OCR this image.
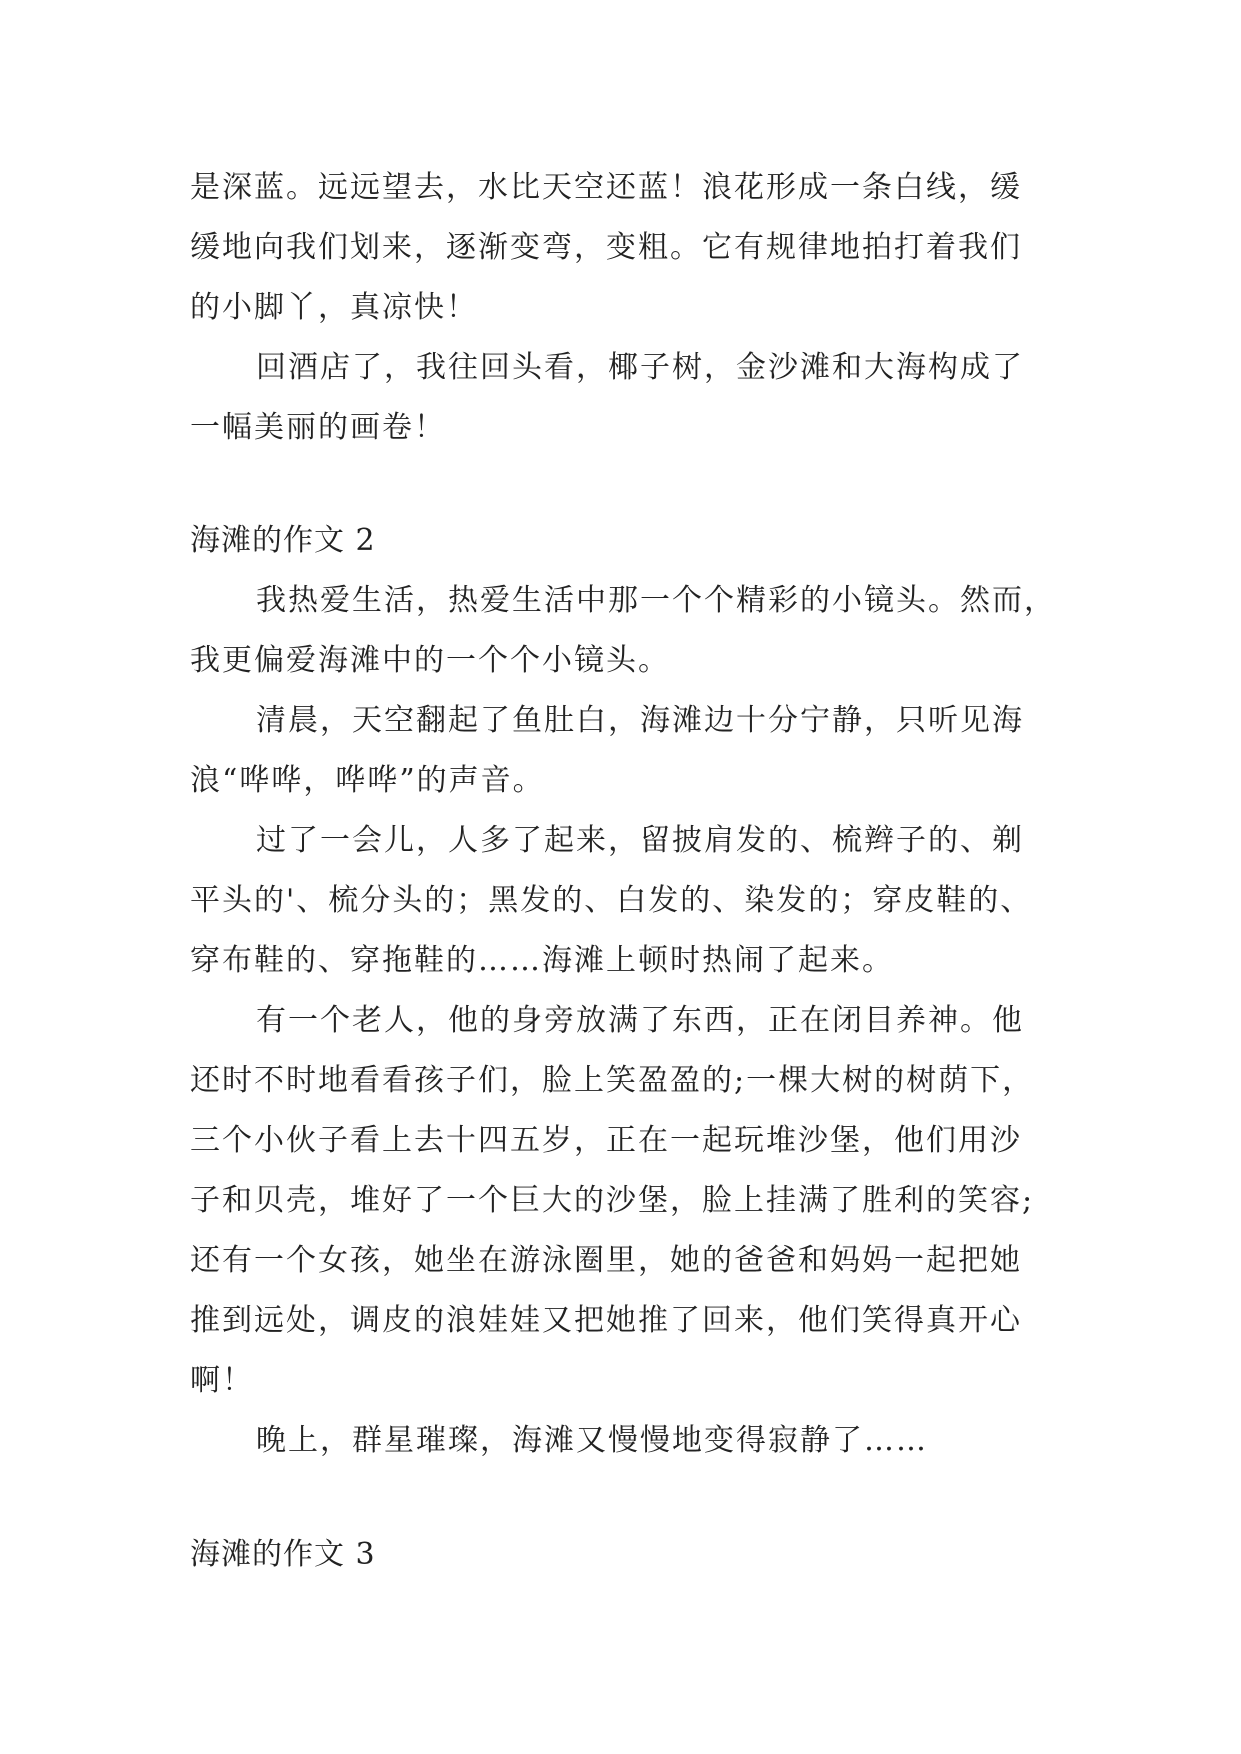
是深蓝。远远望去，水比天空还蓝！浪花形成一条白线，缓
缓地向我们划来，逐渐变弯，变粗。它有规律地拍打着我们
的小脚丫，真凉快！
回酒店了，我往回头看，椰子树，金沙滩和大海构成了
一幅美丽的画卷！
海滩的作文 2
我热爱生活，热爱生活中那一个个精彩的小镜头。然而，
我更偏爱海滩中的一个个小镜头。
清晨，天空翻起了鱼肚白，海滩边十分宁静，只听见海
浪“哗哗，哗哗”的声音。
过了一会儿，人多了起来，留披肩发的、梳辫子的、剃
平头的'、梳分头的；黑发的、白发的、染发的；穿皮鞋的、
穿布鞋的、穿拖鞋的……海滩上顿时热闹了起来。
有一个老人，他的身旁放满了东西，正在闭目养神。他
还时不时地看看孩子们，脸上笑盈盈的;一棵大树的树荫下，
三个小伙子看上去十四五岁，正在一起玩堆沙堡，他们用沙
子和贝壳，堆好了一个巨大的沙堡，脸上挂满了胜利的笑容;
还有一个女孩，她坐在游泳圈里，她的爸爸和妈妈一起把她
推到远处，调皮的浪娃娃又把她推了回来，他们笑得真开心
啊！
晚上，群星璀璨，海滩又慢慢地变得寂静了……
海滩的作文 3
